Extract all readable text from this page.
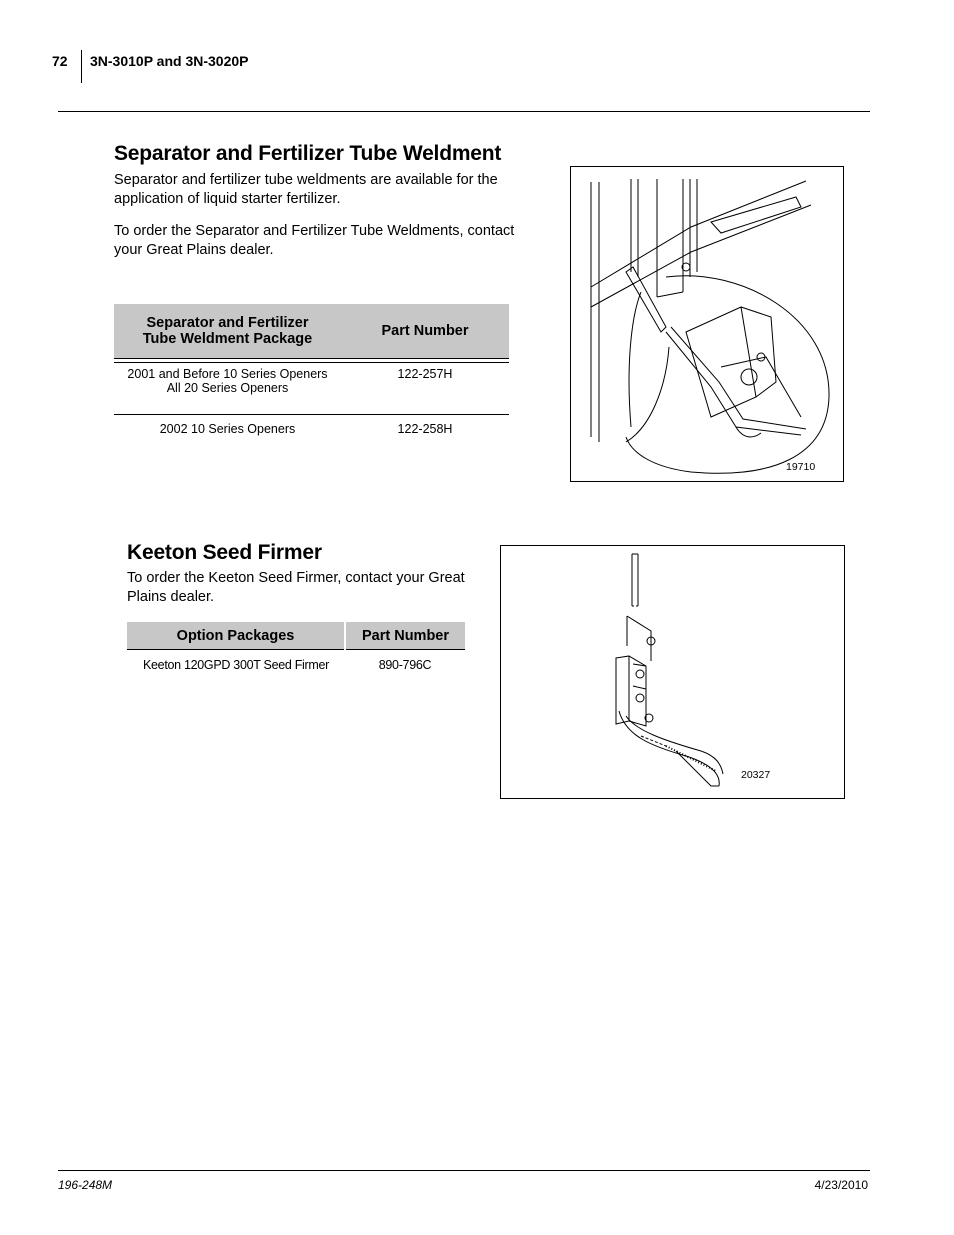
72 3N-3010P and 3N-3020P
Separator and Fertilizer Tube Weldment

Separator and fertilizer tube weldments are available for the application of liquid starter fertilizer.

To order the Separator and Fertilizer Tube Weldments, contact your Great Plains dealer.

Separator and Fertilizer
Tube Weldment Package	Part Number

2001 and Before 10 Series Openers
All 20 Series Openers	122-257H
2002 10 Series Openers	122-258H
19710
Keeton Seed Firmer

To order the Keeton Seed Firmer, contact your Great Plains dealer.

Option Packages	Part Number
Keeton 120GPD 300T Seed Firmer	890-796C
20327
196-248M	4/23/2010
